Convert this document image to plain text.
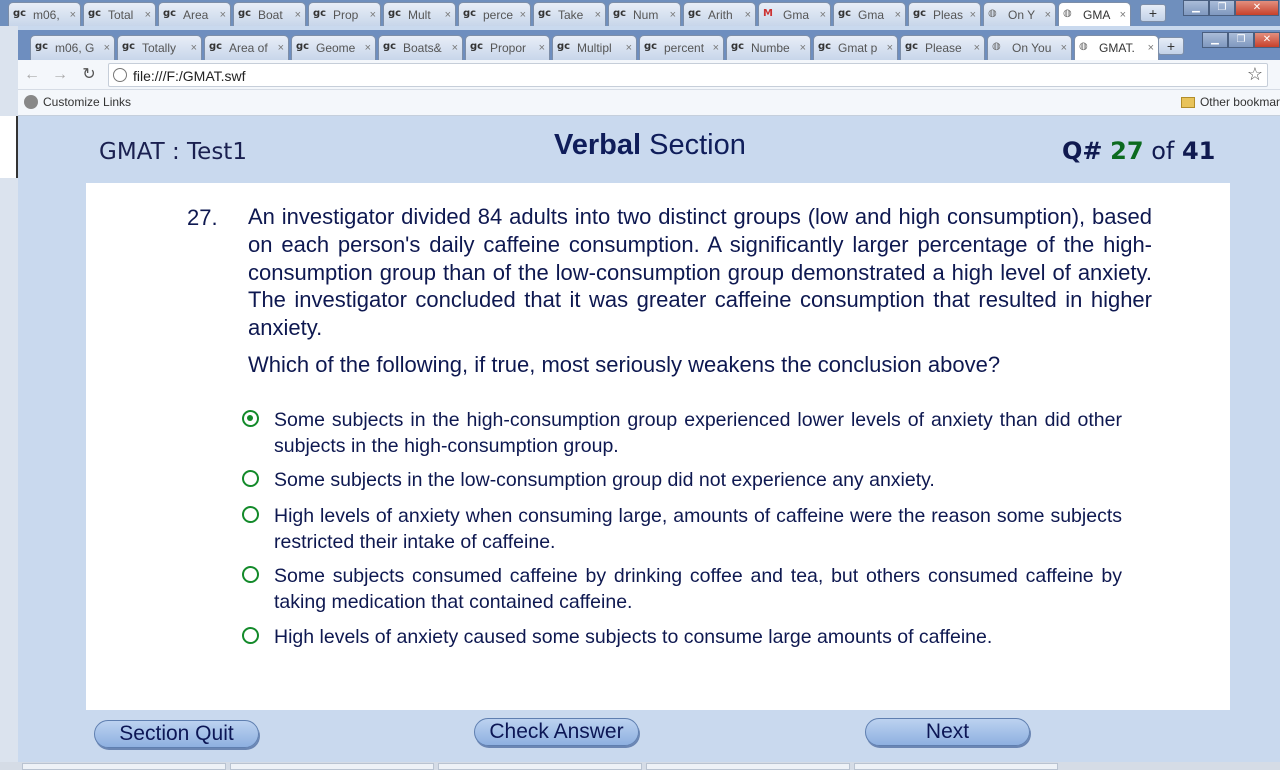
gc m06, × gc Total	× gc Area	× gc Boat	× gc Prop	× gc Mult	× gc perce × gc Take	× gc Num	× gc Arith	× M Gma × gc Gma × gc Pleas × ◍ On Y × ◍ GMA ×	+	▁	❐	✕
gc m06, G × gc Totally	× gc Area of × gc Geome × gc Boats& × gc Propor	× gc Multipl	× gc percent × gc Numbe × gc Gmat p × gc Please	× ◍ On You × ◍ GMAT.	× +	▁	❐	✕
← → ↻	file:///F:/GMAT.swf	☆
Customize Links	Other bookmar
GMAT : Test1	Verbal Section	Q# 27 of 41
27. An investigator divided 84 adults into two distinct groups (low and high consumption), based on each person's daily caffeine consumption. A significantly larger percentage of the high-consumption group than of the low-consumption group demonstrated a high level of anxiety. The investigator concluded that it was greater caffeine consumption that resulted in higher anxiety.
Which of the following, if true, most seriously weakens the conclusion above?
Some subjects in the high-consumption group experienced lower levels of anxiety than did other subjects in the high-consumption group.
Some subjects in the low-consumption group did not experience any anxiety.
High levels of anxiety when consuming large, amounts of caffeine were the reason some subjects restricted their intake of caffeine.
Some subjects consumed caffeine by drinking coffee and tea, but others consumed caffeine by taking medication that contained caffeine.
High levels of anxiety caused some subjects to consume large amounts of caffeine.
Section Quit	Check Answer	Next
